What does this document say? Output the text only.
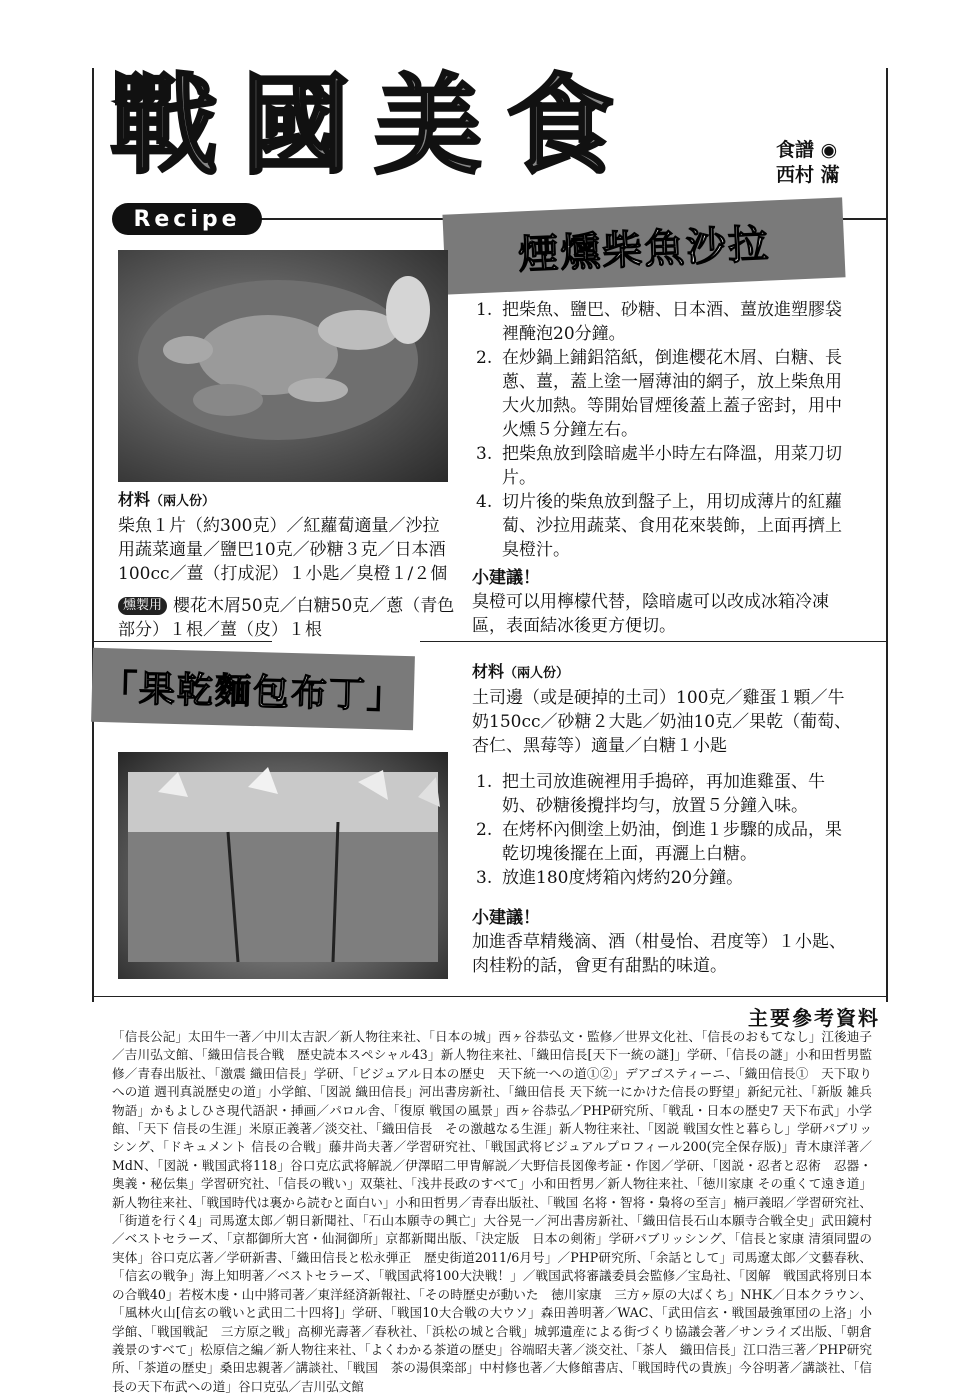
戰國美食
Recipe
食譜 ◉
西村 滿
煙燻柴魚沙拉
1. 把柴魚、鹽巴、砂糖、日本酒、薑放進塑膠袋裡醃泡20分鐘。
2. 在炒鍋上鋪鋁箔紙，倒進櫻花木屑、白糖、長蔥、薑，蓋上塗一層薄油的網子，放上柴魚用大火加熱。等開始冒煙後蓋上蓋子密封，用中火燻５分鐘左右。
3. 把柴魚放到陰暗處半小時左右降溫，用菜刀切片。
4. 切片後的柴魚放到盤子上，用切成薄片的紅蘿蔔、沙拉用蔬菜、食用花來裝飾，上面再擠上臭橙汁。
材料（兩人份）
柴魚１片（約300克）／紅蘿蔔適量／沙拉用蔬菜適量／鹽巴10克／砂糖３克／日本酒100cc／薑（打成泥）１小匙／臭橙１/２個
燻製用 櫻花木屑50克／白糖50克／蔥（青色部分）１根／薑（皮）１根
小建議！
臭橙可以用檸檬代替，陰暗處可以改成冰箱冷凍區，表面結冰後更方便切。
「果乾麵包布丁」	材料（兩人份）
土司邊（或是硬掉的土司）100克／雞蛋１顆／牛奶150cc／砂糖２大匙／奶油10克／果乾（葡萄、杏仁、黑莓等）適量／白糖１小匙
1. 把土司放進碗裡用手搗碎，再加進雞蛋、牛奶、砂糖後攪拌均勻，放置５分鐘入味。
2. 在烤杯內側塗上奶油，倒進１步驟的成品，果乾切塊後擺在上面，再灑上白糖。
3. 放進180度烤箱內烤約20分鐘。
小建議！
加進香草精幾滴、酒（柑曼怡、君度等）１小匙、肉桂粉的話，會更有甜點的味道。
主要參考資料
「信長公記」太田牛一著／中川太吉訳／新人物往来社、「日本の城」西ヶ谷恭弘文・監修／世界文化社、「信長のおもてなし」江後迪子／吉川弘文館、「織田信長合戦　歴史読本スペシャル43」新人物往来社、「織田信長[天下一統の謎]」学研、「信長の謎」小和田哲男監修／青春出版社、「激震 織田信長」学研、「ビジュアル日本の歴史　天下統一への道①②」デアゴスティーニ、「織田信長①　天下取りへの道 週刊真説歴史の道」小学館、「図説 織田信長」河出書房新社、「織田信長 天下統一にかけた信長の野望」新紀元社、「新版 雑兵物語」かもよしひさ現代語訳・挿画／パロル舎、「復原 戦国の風景」西ヶ谷恭弘／PHP研究所、「戦乱・日本の歴史7 天下布武」小学館、「天下 信長の生涯」米原正義著／淡交社、「織田信長　その激越なる生涯」新人物往来社、「図説 戦国女性と暮らし」学研パブリッシング、「ドキュメント 信長の合戦」藤井尚夫著／学習研究社、「戦国武将ビジュアルプロフィール200(完全保存版)」青木康洋著／MdN、「図説・戦国武将118」谷口克広武将解説／伊澤昭二甲冑解説／大野信長図像考証・作図／学研、「図説・忍者と忍術　忍器・奥義・秘伝集」学習研究社、「信長の戦い」双葉社、「浅井長政のすべて」小和田哲男／新人物往来社、「徳川家康 その重くて遠き道」新人物往来社、「戦国時代は裏から読むと面白い」小和田哲男／青春出版社、「戦国 名将・智将・梟将の至言」楠戸義昭／学習研究社、「街道を行く4」司馬遼太郎／朝日新聞社、「石山本願寺の興亡」大谷晃一／河出書房新社、「織田信長石山本願寺合戦全史」武田鏡村／ベストセラーズ、「京都御所大宮・仙洞御所」京都新聞出版、「決定版　日本の剣術」学研パブリッシング、「信長と家康 清須同盟の実体」谷口克広著／学研新書、「織田信長と松永弾正　歴史街道2011/6月号」／PHP研究所、「余話として」司馬遼太郎／文藝春秋、「信玄の戦争」海上知明著／ベストセラーズ、「戦国武将100大決戦！」／戦国武将審議委員会監修／宝島社、「図解　戦国武将別日本の合戦40」若桜木虔・山中將司著／東洋経済新報社、「その時歴史が動いた　徳川家康　三方ヶ原の大ばくち」NHK／日本クラウン、「風林火山[信玄の戦いと武田二十四将]」学研、「戦国10大合戦の大ウソ」森田善明著／WAC、「武田信玄・戦国最強軍団の上洛」小学館、「戦国戦記　三方原之戦」高柳光壽著／春秋社、「浜松の城と合戦」城郭遺産による街づくり協議会著／サンライズ出版、「朝倉義景のすべて」松原信之編／新人物往来社、「よくわかる茶道の歴史」谷端昭夫著／淡交社、「茶人　織田信長」江口浩三著／PHP研究所、「茶道の歴史」桑田忠親著／講談社、「戦国　茶の湯倶楽部」中村修也著／大修館書店、「戦国時代の貴族」今谷明著／講談社、「信長の天下布武への道」谷口克弘／吉川弘文館
